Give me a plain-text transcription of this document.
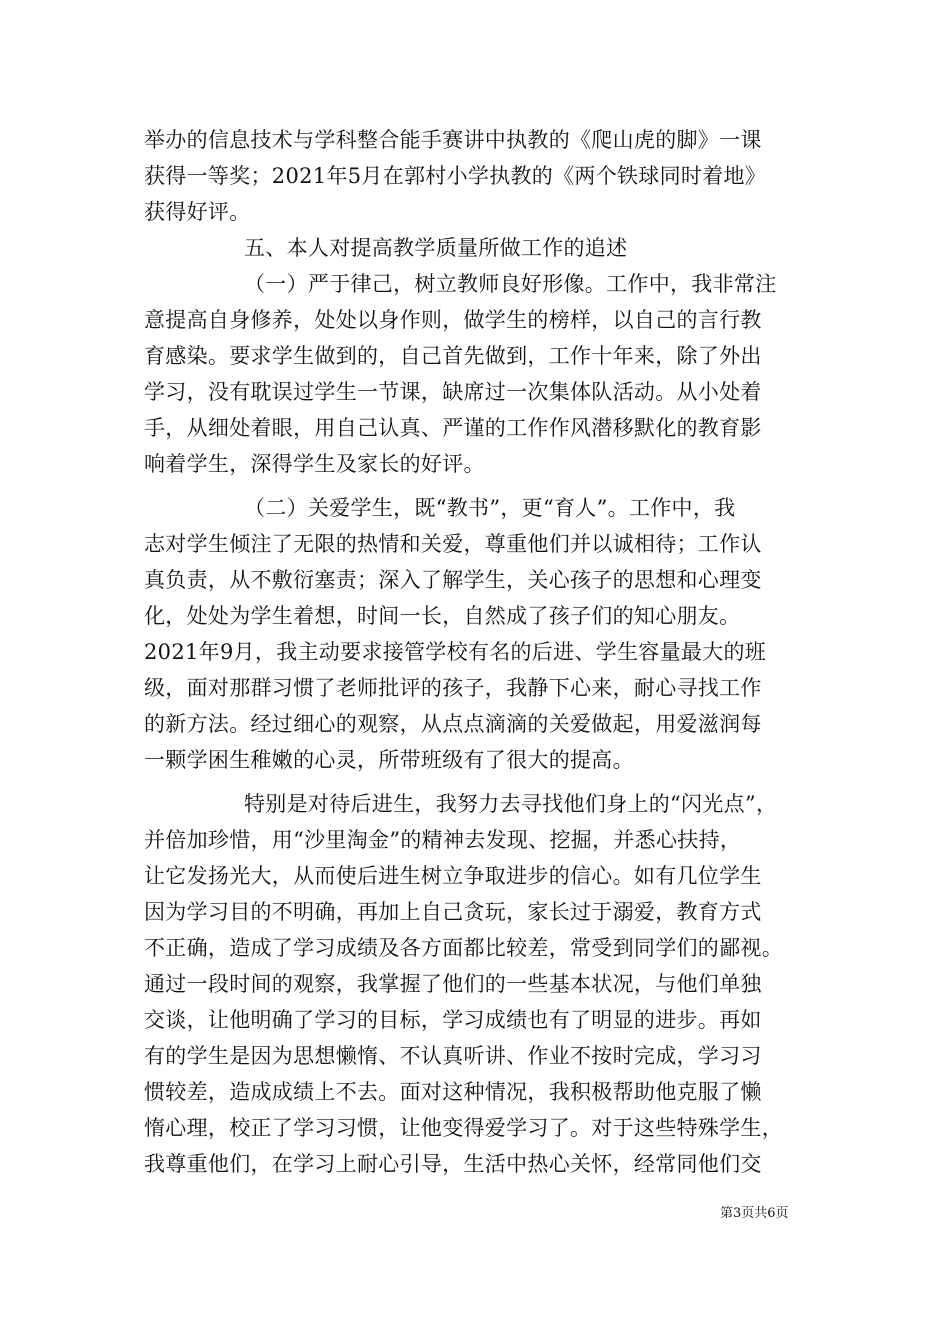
举办的信息技术与学科整合能手赛讲中执教的《爬山虎的脚》一课
获得一等奖；2021年5月在郭村小学执教的《两个铁球同时着地》
获得好评。
五、本人对提高教学质量所做工作的追述
（一）严于律己，树立教师良好形像。工作中，我非常注
意提高自身修养，处处以身作则，做学生的榜样，以自己的言行教
育感染。要求学生做到的，自己首先做到，工作十年来，除了外出
学习，没有耽误过学生一节课，缺席过一次集体队活动。从小处着
手，从细处着眼，用自己认真、严谨的工作作风潜移默化的教育影
响着学生，深得学生及家长的好评。
（二）关爱学生，既“教书”，更“育人”。工作中，我
志对学生倾注了无限的热情和关爱，尊重他们并以诚相待；工作认
真负责，从不敷衍塞责；深入了解学生，关心孩子的思想和心理变
化，处处为学生着想，时间一长，自然成了孩子们的知心朋友。
2021年9月，我主动要求接管学校有名的后进、学生容量最大的班
级，面对那群习惯了老师批评的孩子，我静下心来，耐心寻找工作
的新方法。经过细心的观察，从点点滴滴的关爱做起，用爱滋润每
一颗学困生稚嫩的心灵，所带班级有了很大的提高。
特别是对待后进生，我努力去寻找他们身上的“闪光点”，
并倍加珍惜，用“沙里淘金”的精神去发现、挖掘，并悉心扶持，
让它发扬光大，从而使后进生树立争取进步的信心。如有几位学生
因为学习目的不明确，再加上自己贪玩，家长过于溺爱，教育方式
不正确，造成了学习成绩及各方面都比较差，常受到同学们的鄙视。
通过一段时间的观察，我掌握了他们的一些基本状况，与他们单独
交谈，让他明确了学习的目标，学习成绩也有了明显的进步。再如
有的学生是因为思想懒惰、不认真听讲、作业不按时完成，学习习
惯较差，造成成绩上不去。面对这种情况，我积极帮助他克服了懒
惰心理，校正了学习习惯，让他变得爱学习了。对于这些特殊学生，
我尊重他们，在学习上耐心引导，生活中热心关怀，经常同他们交
第3页共6页
